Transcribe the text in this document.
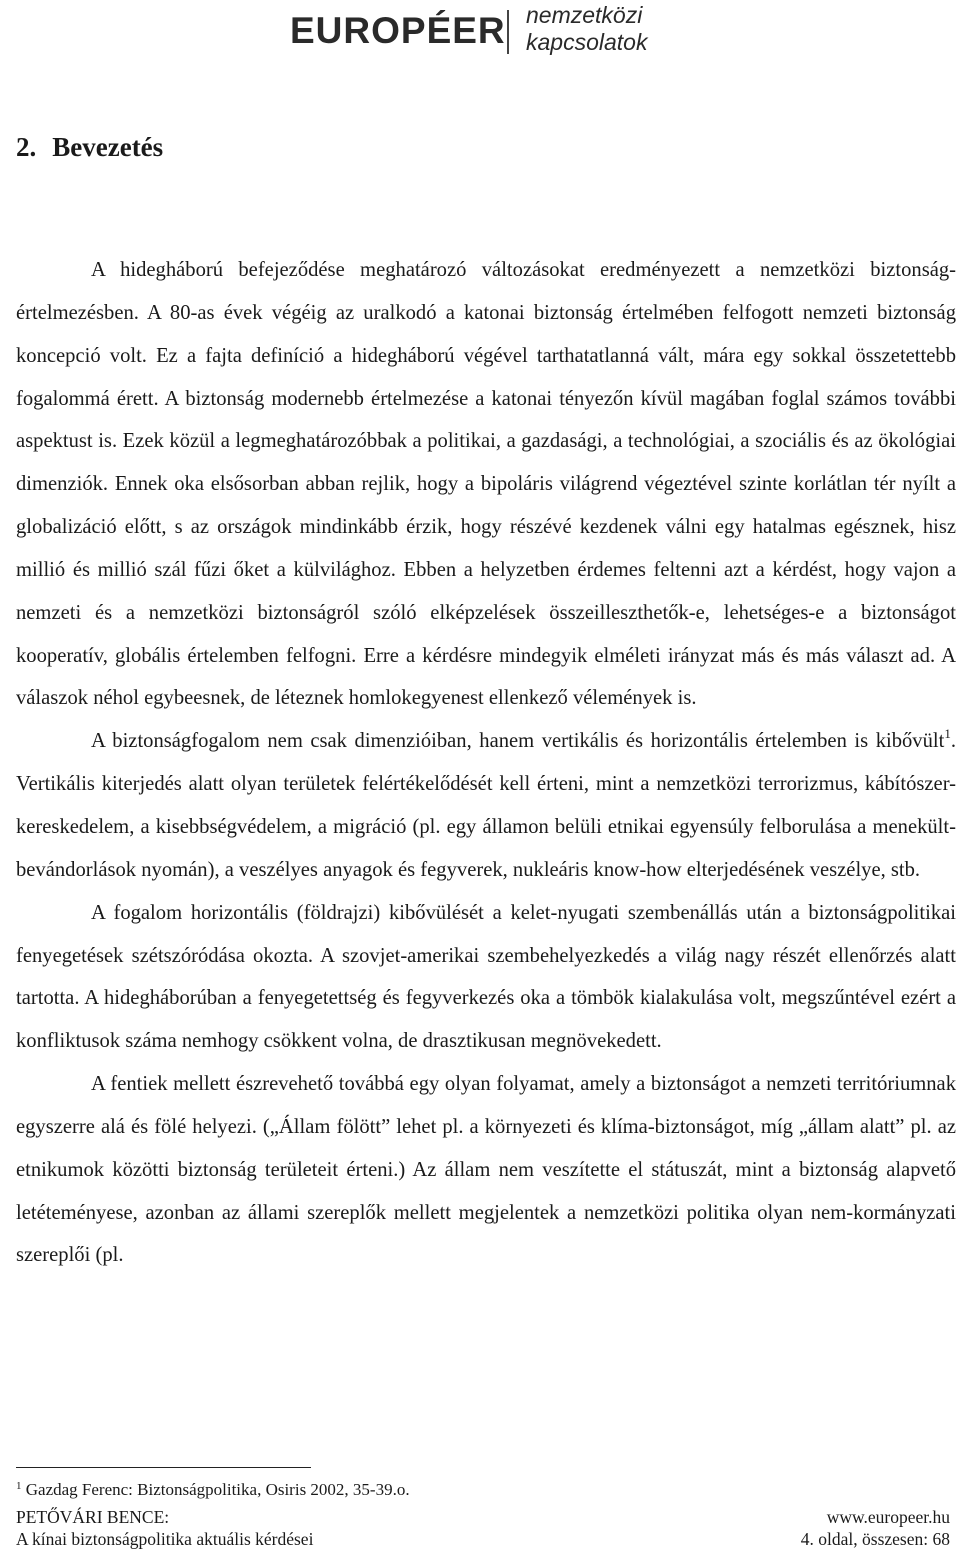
EUROPÉER nemzetközi
kapcsolatok
2. Bevezetés

A hidegháború befejeződése meghatározó változásokat eredményezett a nemzetközi biztonság-értelmezésben. A 80-as évek végéig az uralkodó a katonai biztonság értelmében felfogott nemzeti biztonság koncepció volt. Ez a fajta definíció a hidegháború végével tarthatatlanná vált, mára egy sokkal összetettebb fogalommá érett. A biztonság modernebb értelmezése a katonai tényezőn kívül magában foglal számos további aspektust is. Ezek közül a legmeghatározóbbak a politikai, a gazdasági, a technológiai, a szociális és az ökológiai dimenziók. Ennek oka elsősorban abban rejlik, hogy a bipoláris világrend végeztével szinte korlátlan tér nyílt a globalizáció előtt, s az országok mindinkább érzik, hogy részévé kezdenek válni egy hatalmas egésznek, hisz millió és millió szál fűzi őket a külvilághoz. Ebben a helyzetben érdemes feltenni azt a kérdést, hogy vajon a nemzeti és a nemzetközi biztonságról szóló elképzelések összeilleszthetők-e, lehetséges-e a biztonságot kooperatív, globális értelemben felfogni. Erre a kérdésre mindegyik elméleti irányzat más és más választ ad. A válaszok néhol egybeesnek, de léteznek homlokegyenest ellenkező vélemények is.

A biztonságfogalom nem csak dimenzióiban, hanem vertikális és horizontális értelemben is kibővült$^1$. Vertikális kiterjedés alatt olyan területek felértékelődését kell érteni, mint a nemzetközi terrorizmus, kábítószer-kereskedelem, a kisebbségvédelem, a migráció (pl. egy államon belüli etnikai egyensúly felborulása a menekült-bevándorlások nyomán), a veszélyes anyagok és fegyverek, nukleáris know-how elterjedésének veszélye, stb.

A fogalom horizontális (földrajzi) kibővülését a kelet-nyugati szembenállás után a biztonságpolitikai fenyegetések szétszóródása okozta. A szovjet-amerikai szembehelyezkedés a világ nagy részét ellenőrzés alatt tartotta. A hidegháborúban a fenyegetettség és fegyverkezés oka a tömbök kialakulása volt, megszűntével ezért a konfliktusok száma nemhogy csökkent volna, de drasztikusan megnövekedett.

A fentiek mellett észrevehető továbbá egy olyan folyamat, amely a biztonságot a nemzeti territóriumnak egyszerre alá és fölé helyezi. („Állam fölött” lehet pl. a környezeti és klíma-biztonságot, míg „állam alatt” pl. az etnikumok közötti biztonság területeit érteni.) Az állam nem veszítette el státuszát, mint a biztonság alapvető letéteményese, azonban az állami szereplők mellett megjelentek a nemzetközi politika olyan nem-kormányzati szereplői (pl.

$^1$ Gazdag Ferenc: Biztonságpolitika, Osiris 2002, 35-39.o.
PETŐVÁRI BENCE:	www.europeer.hu
A kínai biztonságpolitika aktuális kérdései	4. oldal, összesen: 68
